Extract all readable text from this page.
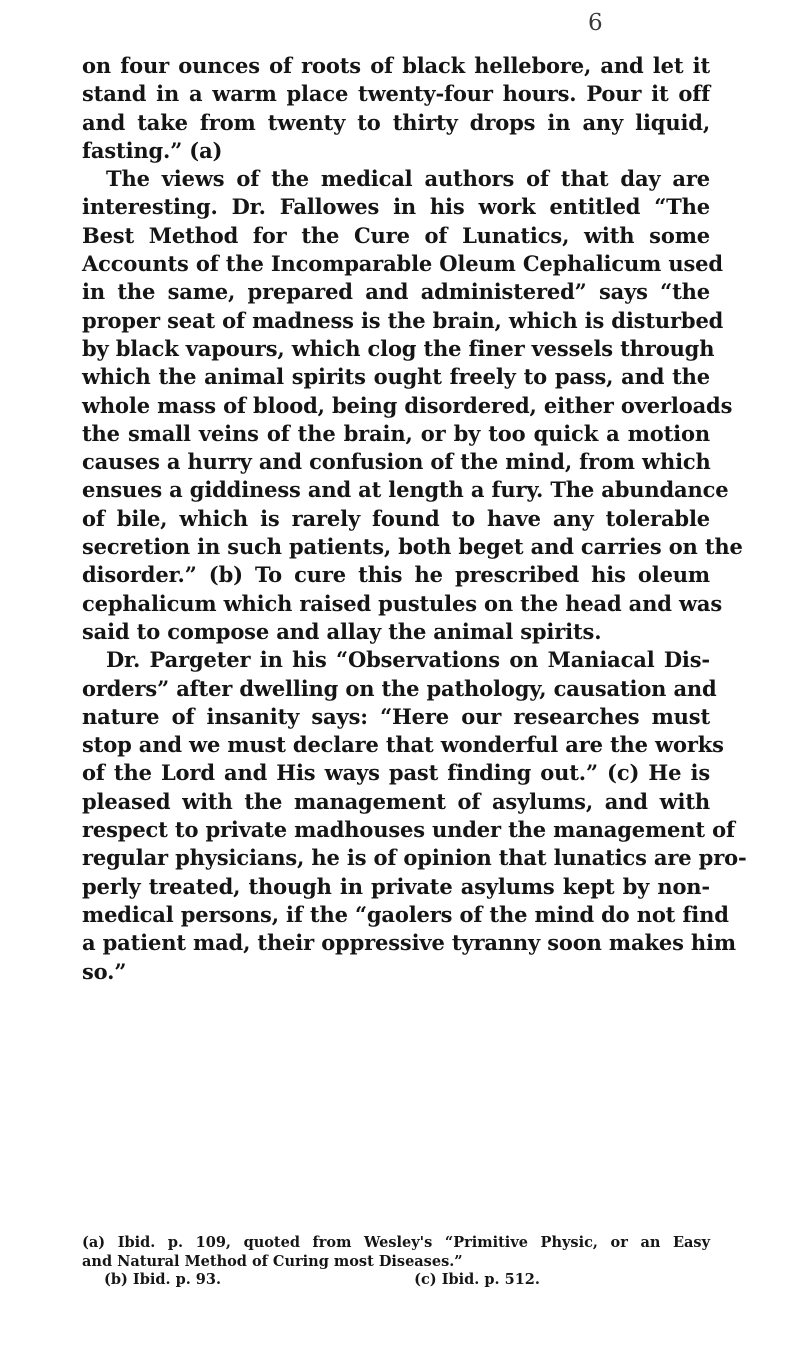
6
on four ounc​es of roots of black hellebore, and let it
stand in a warm place twenty-four hours. Pour it off
and take from twenty to thirty drops in any liquid,
fasting.” (a)
The views of the medical authors of that day are
interesting. Dr. Fallowes in his work entitled “The
Best Method for the Cure of Lunatics, with some
Accounts of the Incomparable Oleum Cephalicum used
in the same, prepared and administered” says “the
proper seat of madness is the brain, which is disturbed
by black vapours, which clog the finer vessels through
which the animal spirits ought freely to pass, and the
whole mass of blood, being disordered, either overloads
the small veins of the brain, or by too quick a motion
causes a hurry and confusion of the mind, from which
ensues a giddiness and at length a fury. The abundance
of bile, which is rarely found to have any tolerable
secretion in such patients, both beget and carries on the
disorder.” (b) To cure this he prescribed his oleum
cephalicum which raised pustules on the head and was
said to compose and allay the animal spirits.
Dr. Pargeter in his “Observations on Maniacal Dis-
orders” after dwelling on the pathology, causation and
nature of insanity says: “Here our researches must
stop and we must declare that wonderful are the works
of the Lord and His ways past finding out.” (c) He is
pleased with the management of asylums, and with
respect to private madhouses under the management of
regular physicians, he is of opinion that lunatics are pro-
perly treated, though in private asylums kept by non-
medical persons, if the “gaolers of the mind do not find
a patient mad, their oppressive tyranny soon makes him
so.”
(a) Ibid. p. 1​09, quoted from Wesley's “Primitive Physic, or an Easy
and Natural Method of Curing most Diseases.”
(b) Ibid. p. 93.	(c) Ibid. p. 512.
